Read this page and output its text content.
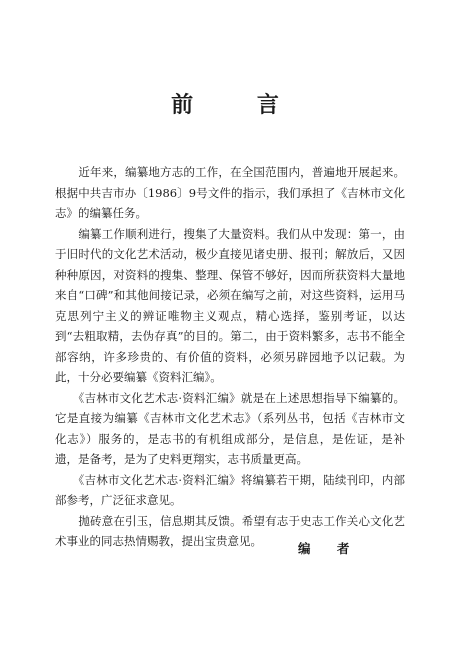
前 言

　　近年来，编纂地方志的工作，在全国范围内，普遍地开展起来。根据中共吉市办〔1986〕9号文件的指示，我们承担了《吉林市文化志》的编纂任务。

　　编纂工作顺利进行，搜集了大量资料。我们从中发现：第一，由于旧时代的文化艺术活动，极少直接见诸史册、报刊；解放后，又因种种原因，对资料的搜集、整理、保管不够好，因而所获资料大量地来自“口碑”和其他间接记录，必须在编写之前，对这些资料，运用马克思列宁主义的辨证唯物主义观点，精心选择，鉴别考证，以达到“去粗取精，去伪存真”的目的。第二，由于资料繁多，志书不能全部容纳，许多珍贵的、有价值的资料，必须另辟园地予以记载。为此，十分必要编纂《资料汇编》。

　　《吉林市文化艺术志·资料汇编》就是在上述思想指导下编纂的。它是直接为编纂《吉林市文化艺术志》（系列丛书，包括《吉林市文化志》）服务的，是志书的有机组成部分，是信息，是佐证，是补遗，是备考，是为了史料更翔实，志书质量更高。

　　《吉林市文化艺术志·资料汇编》将编纂若干期，陆续刊印，内部部参考，广泛征求意见。

　　抛砖意在引玉，信息期其反馈。希望有志于史志工作关心文化艺术事业的同志热情赐教，提出宝贵意见。	编 者
